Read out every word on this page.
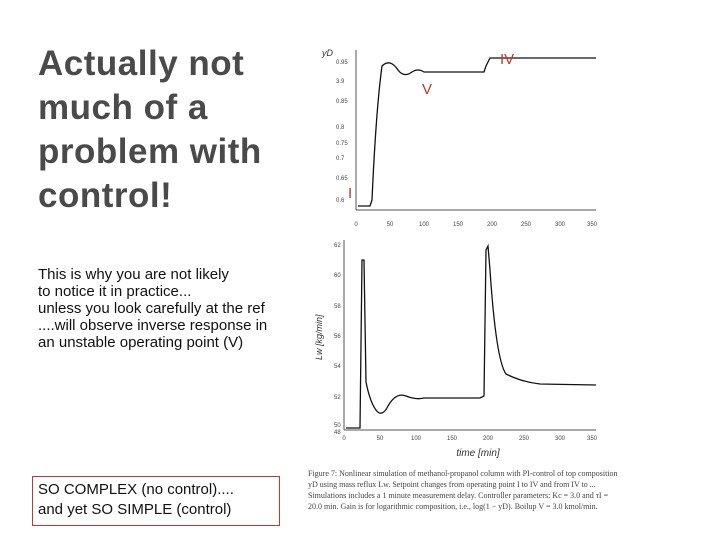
Actually not
much of a
problem with
control!
This is why you are not likely
to notice it in practice...
unless you look carefully at the ref
....will observe inverse response in
an unstable operating point (V)
SO COMPLEX (no control)....
and yet SO SIMPLE (control)
yD
0.95
3.9
0.85
0.8
0.75
0.7
0.65
0.6
0	50	100	150	200	250	300	350
IV
V
I
Lw [kg/min]
62
60
58
56
54
52
50
48
0	50	100	150	200	250	300	350
time [min]
Figure 7: Nonlinear simulation of methanol-propanol column with PI-control of top composition yD using mass reflux Lw. Setpoint changes from operating point I to IV and from IV to ... Simulations includes a 1 minute measurement delay. Controller parameters: Kc = 3.0 and τI = 20.0 min. Gain is for logarithmic composition, i.e., log(1 − yD). Boilup V = 3.0 kmol/min.
